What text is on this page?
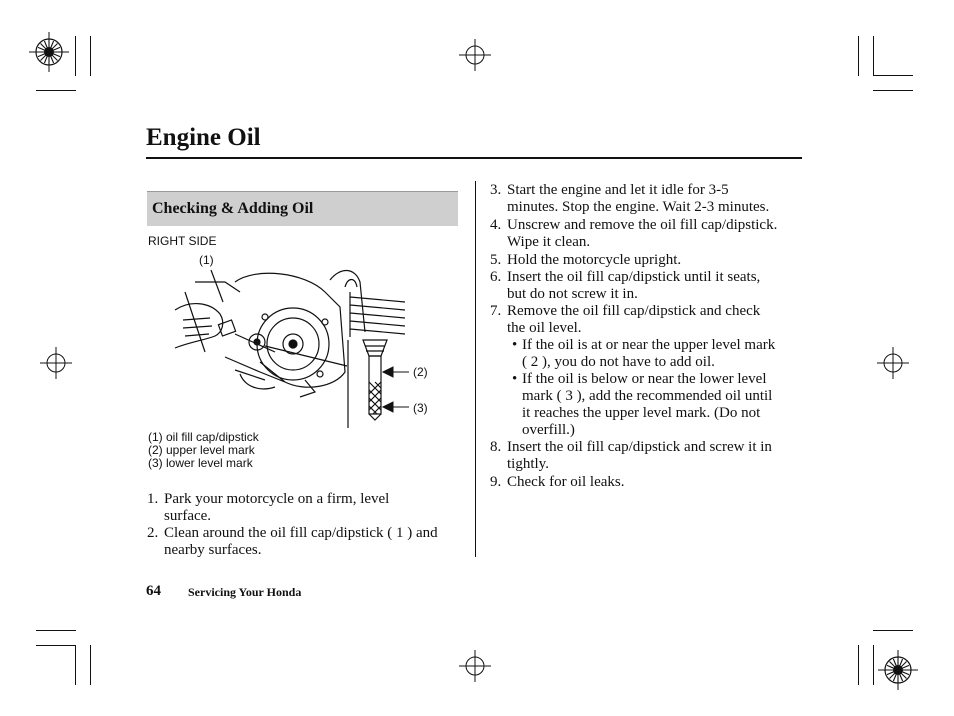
Engine Oil
Checking & Adding Oil
RIGHT SIDE
(1)
(2)
(3)
(1) oil fill cap/dipstick
(2) upper level mark
(3) lower level mark
1. Park your motorcycle on a firm, level
surface.
2. Clean around the oil fill cap/dipstick ( 1 ) and
nearby surfaces.
3. Start the engine and let it idle for 3-5
minutes. Stop the engine. Wait 2-3 minutes.
4. Unscrew and remove the oil fill cap/dipstick.
Wipe it clean.
5. Hold the motorcycle upright.
6. Insert the oil fill cap/dipstick until it seats,
but do not screw it in.
7. Remove the oil fill cap/dipstick and check
the oil level.
• If the oil is at or near the upper level mark
( 2 ), you do not have to add oil.
• If the oil is below or near the lower level
mark ( 3 ), add the recommended oil until
it reaches the upper level mark. (Do not
overfill.)
8. Insert the oil fill cap/dipstick and screw it in
tightly.
9. Check for oil leaks.
64 Servicing Your Honda
